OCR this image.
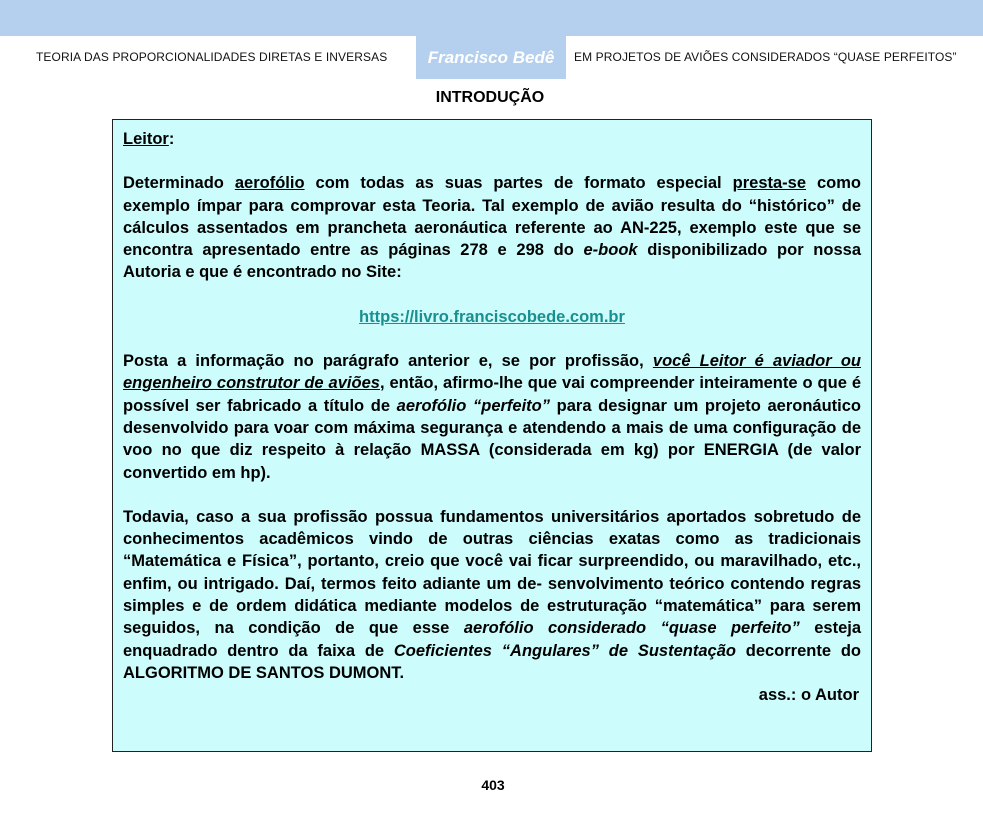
TEORIA DAS PROPORCIONALIDADES DIRETAS E INVERSAS	Francisco Bedê	EM PROJETOS DE AVIÕES CONSIDERADOS “QUASE PERFEITOS”
INTRODUÇÃO

Leitor:

Determinado aerofólio com todas as suas partes de formato especial presta-se como exemplo ímpar para comprovar esta Teoria. Tal exemplo de avião resulta do “histórico” de cálculos assentados em prancheta aeronáutica referente ao AN-225, exemplo este que se encontra apresentado entre as páginas 278 e 298 do e-book disponibilizado por nossa Autoria e que é encontrado no Site:

https://livro.franciscobede.com.br

Posta a informação no parágrafo anterior e, se por profissão, você Leitor é aviador ou engenheiro construtor de aviões, então, afirmo-lhe que vai compreender inteiramente o que é possível ser fabricado a título de aerofólio “perfeito” para designar um projeto aeronáutico desenvolvido para voar com máxima segurança e atendendo a mais de uma configuração de voo no que diz respeito à relação MASSA (considerada em kg) por ENERGIA (de valor convertido em hp).

Todavia, caso a sua profissão possua fundamentos universitários aportados sobretudo de conhecimentos acadêmicos vindo de outras ciências exatas como as tradicionais “Matemática e Física”, portanto, creio que você vai ficar surpreendido, ou maravilhado, etc., enfim, ou intrigado. Daí, termos feito adiante um de- senvolvimento teórico contendo regras simples e de ordem didática mediante modelos de estruturação “matemática” para serem seguidos, na condição de que esse aerofólio considerado “quase perfeito” esteja enquadrado dentro da faixa de Coeficientes “Angulares” de Sustentação decorrente do ALGORITMO DE SANTOS DUMONT.

ass.: o Autor

403
